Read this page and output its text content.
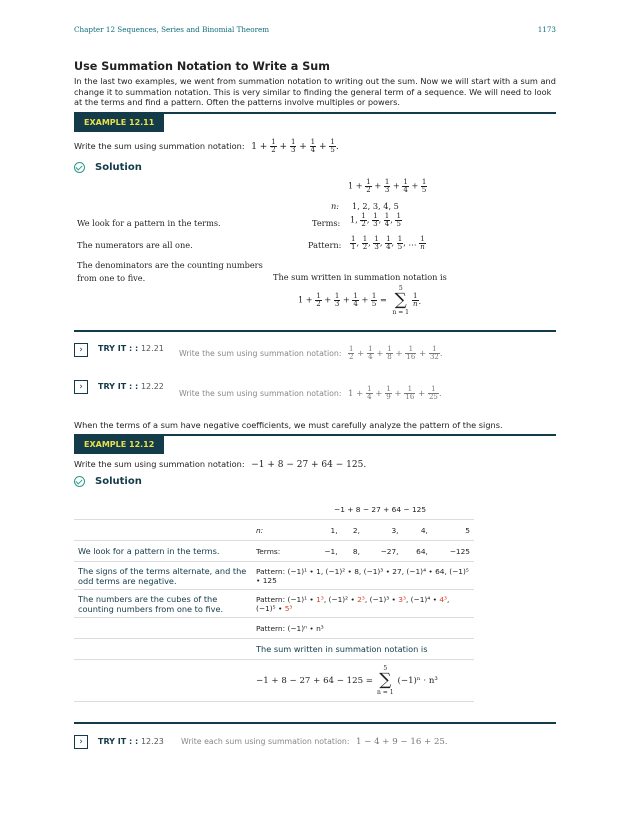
Chapter 12 Sequences, Series and Binomial Theorem	1173
Use Summation Notation to Write a Sum
In the last two examples, we went from summation notation to writing out the sum. Now we will start with a sum and change it to summation notation. This is very similar to finding the general term of a sequence. We will need to look at the terms and find a pattern. Often the patterns involve multiples or powers.
EXAMPLE 12.11
Write the sum using summation notation: $1 + \frac{1}{2} + \frac{1}{3} + \frac{1}{4} + \frac{1}{5}$ .
Solution
$1 + \frac{1}{2} + \frac{1}{3} + \frac{1}{4} + \frac{1}{5}$
n: 1, 2, 3, 4, 5
We look for a pattern in the terms.	Terms: 1, $\frac{1}{2}$ , $\frac{1}{3}$ , $\frac{1}{4}$ , $\frac{1}{5}$
The numerators are all one.	Pattern: $\frac{1}{1}$ , $\frac{1}{2}$ , $\frac{1}{3}$ , $\frac{1}{4}$ , $\frac{1}{5}$ , … $\frac{1}{n}$
The denominators are the counting numbers from one to five.	The sum written in summation notation is
$1 + \frac{1}{2} + \frac{1}{3} + \frac{1}{4} + \frac{1}{5}$ =
5
∑
n = 1
$\frac{1}{n}$ .
›	TRY IT : : 12.21
Write the sum using summation notation: $\frac{1}{2} + \frac{1}{4} + \frac{1}{8} + \frac{1}{16} + \frac{1}{32}$ .
›	TRY IT : : 12.22
Write the sum using summation notation: $1 + \frac{1}{4} + \frac{1}{9} + \frac{1}{16} + \frac{1}{25}$ .
When the terms of a sum have negative coefficients, we must carefully analyze the pattern of the signs.
EXAMPLE 12.12
Write the sum using summation notation: −1 + 8 − 27 + 64 − 125.
Solution
−1 + 8 − 27 + 64 − 125
	n:	1,	2,	3,	4,	5
We look for a pattern in the terms.	Terms:	−1,	8,	−27,	64,	−125
The signs of the terms alternate, and the odd terms are negative.	Pattern: (−1)¹ • 1, (−1)² • 8, (−1)³ • 27, (−1)⁴ • 64, (−1)⁵ • 125					
The numbers are the cubes of the counting numbers from one to five.	Pattern: (−1)¹ • 1³, (−1)² • 2³, (−1)³ • 3³, (−1)⁴ • 4³, (−1)⁵ • 5³					
	Pattern: (−1)ⁿ • n³					
	The sum written in summation notation is					

	−1 + 8 − 27 + 64 − 125 =
5
∑
n = 1
(−1)ⁿ · n³					
›	TRY IT : : 12.23 Write each sum using summation notation: 1 − 4 + 9 − 16 + 25.
